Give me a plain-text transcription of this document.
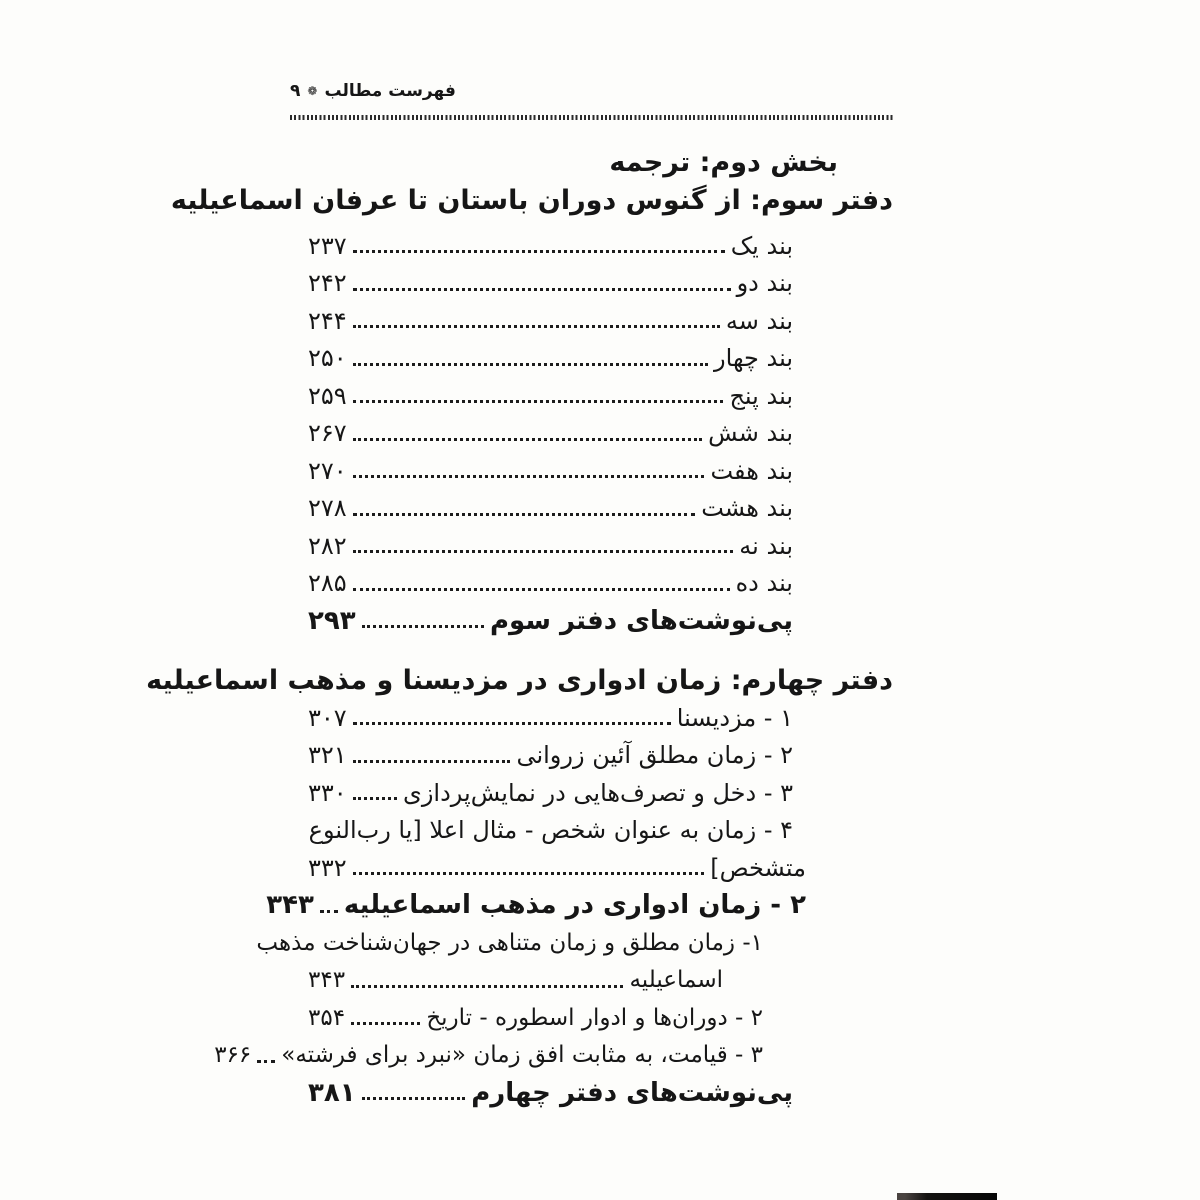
فهرست مطالب❁۹
بخش دوم: ترجمه
دفتر سوم: از گنوس دوران باستان تا عرفان اسماعیلیه
بند یک
۲۳۷
بند دو
۲۴۲
بند سه
۲۴۴
بند چهار
۲۵۰
بند پنج
۲۵۹
بند شش
۲۶۷
بند هفت
۲۷۰
بند هشت
۲۷۸
بند نه
۲۸۲
بند ده
۲۸۵
پی‌نوشت‌های دفتر سوم
۲۹۳
دفتر چهارم: زمان ادواری در مزدیسنا و مذهب اسماعیلیه
۱ - مزدیسنا
۳۰۷
۲ - زمان مطلق آئین زروانی
۳۲۱
۳ - دخل و تصرف‌هایی در نمایش‌پردازی
۳۳۰
۴ - زمان به عنوان شخص - مثال اعلا [یا رب‌النوع
متشخص]
۳۳۲
۲ - زمان ادواری در مذهب اسماعیلیه
۳۴۳
۱- زمان مطلق و زمان متناهی در جهان‌شناخت مذهب
اسماعیلیه
۳۴۳
۲ - دوران‌ها و ادوار اسطوره - تاریخ
۳۵۴
۳ - قیامت، به مثابت افق زمان «نبرد برای فرشته»
۳۶۶
پی‌نوشت‌های دفتر چهارم
۳۸۱
